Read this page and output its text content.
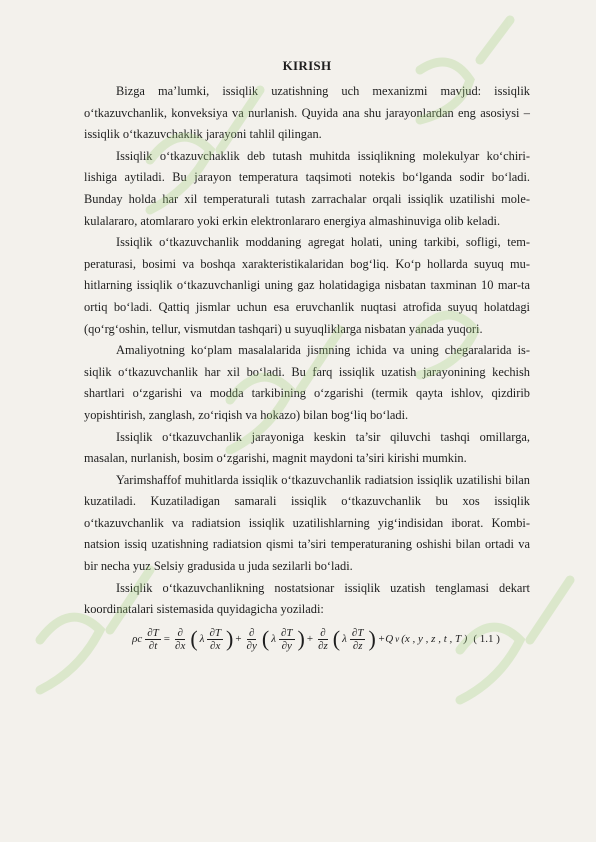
KIRISH

Bizga ma’lumki, issiqlik uzatishning uch mexanizmi mavjud: issiqlik o‘tkazuvchanlik, konveksiya va nurlanish. Quyida ana shu jarayonlardan eng asosiysi – issiqlik o‘tkazuvchaklik jarayoni tahlil qilingan.

Issiqlik o‘tkazuvchaklik deb tutash muhitda issiqlikning molekulyar ko‘chiri-lishiga aytiladi. Bu jarayon temperatura taqsimoti notekis bo‘lganda sodir bo‘ladi. Bunday holda har xil temperaturali tutash zarrachalar orqali issiqlik uzatilishi mole-kulalararo, atomlararo yoki erkin elektronlararo energiya almashinuviga olib keladi.

Issiqlik o‘tkazuvchanlik moddaning agregat holati, uning tarkibi, sofligi, tem-peraturasi, bosimi va boshqa xarakteristikalaridan bog‘liq. Ko‘p hollarda suyuq mu-hitlarning issiqlik o‘tkazuvchanligi uning gaz holatidagiga nisbatan taxminan 10 mar-ta ortiq bo‘ladi. Qattiq jismlar uchun esa eruvchanlik nuqtasi atrofida suyuq holatdagi (qo‘rg‘oshin, tellur, vismutdan tashqari) u suyuqliklarga nisbatan yanada yuqori.

Amaliyotning ko‘plam masalalarida jismning ichida va uning chegaralarida is-siqlik o‘tkazuvchanlik har xil bo‘ladi. Bu farq issiqlik uzatish jarayonining kechish shartlari o‘zgarishi va modda tarkibining o‘zgarishi (termik qayta ishlov, qizdirib yopishtirish, zanglash, zo‘riqish va hokazo) bilan bog‘liq bo‘ladi.

Issiqlik o‘tkazuvchanlik jarayoniga keskin ta’sir qiluvchi tashqi omillarga, masalan, nurlanish, bosim o‘zgarishi, magnit maydoni ta’siri kirishi mumkin.

Yarimshaffof muhitlarda issiqlik o‘tkazuvchanlik radiatsion issiqlik uzatilishi bilan kuzatiladi. Kuzatiladigan samarali issiqlik o‘tkazuvchanlik bu xos issiqlik o‘tkazuvchanlik va radiatsion issiqlik uzatilishlarning yig‘indisidan iborat. Kombi-natsion issiq uzatishning radiatsion qismi ta’siri temperaturaning oshishi bilan ortadi va bir necha yuz Selsiy gradusida u juda sezilarli bo‘ladi.

Issiqlik o‘tkazuvchanlikning nostatsionar issiqlik uzatish tenglamasi dekart koordinatalari sistemasida quyidagicha yoziladi:

ρc $\frac{\partial T}{\partial t} = \frac{\partial}{\partial x}$ ( λ $\frac{\partial T}{\partial x}$ ) + $\frac{\partial}{\partial y}$ ( λ $\frac{\partial T}{\partial y}$ ) + $\frac{\partial}{\partial z}$ ( λ $\frac{\partial T}{\partial z}$ ) +Q v (x , y , z , t , T ) ( 1.1 )
